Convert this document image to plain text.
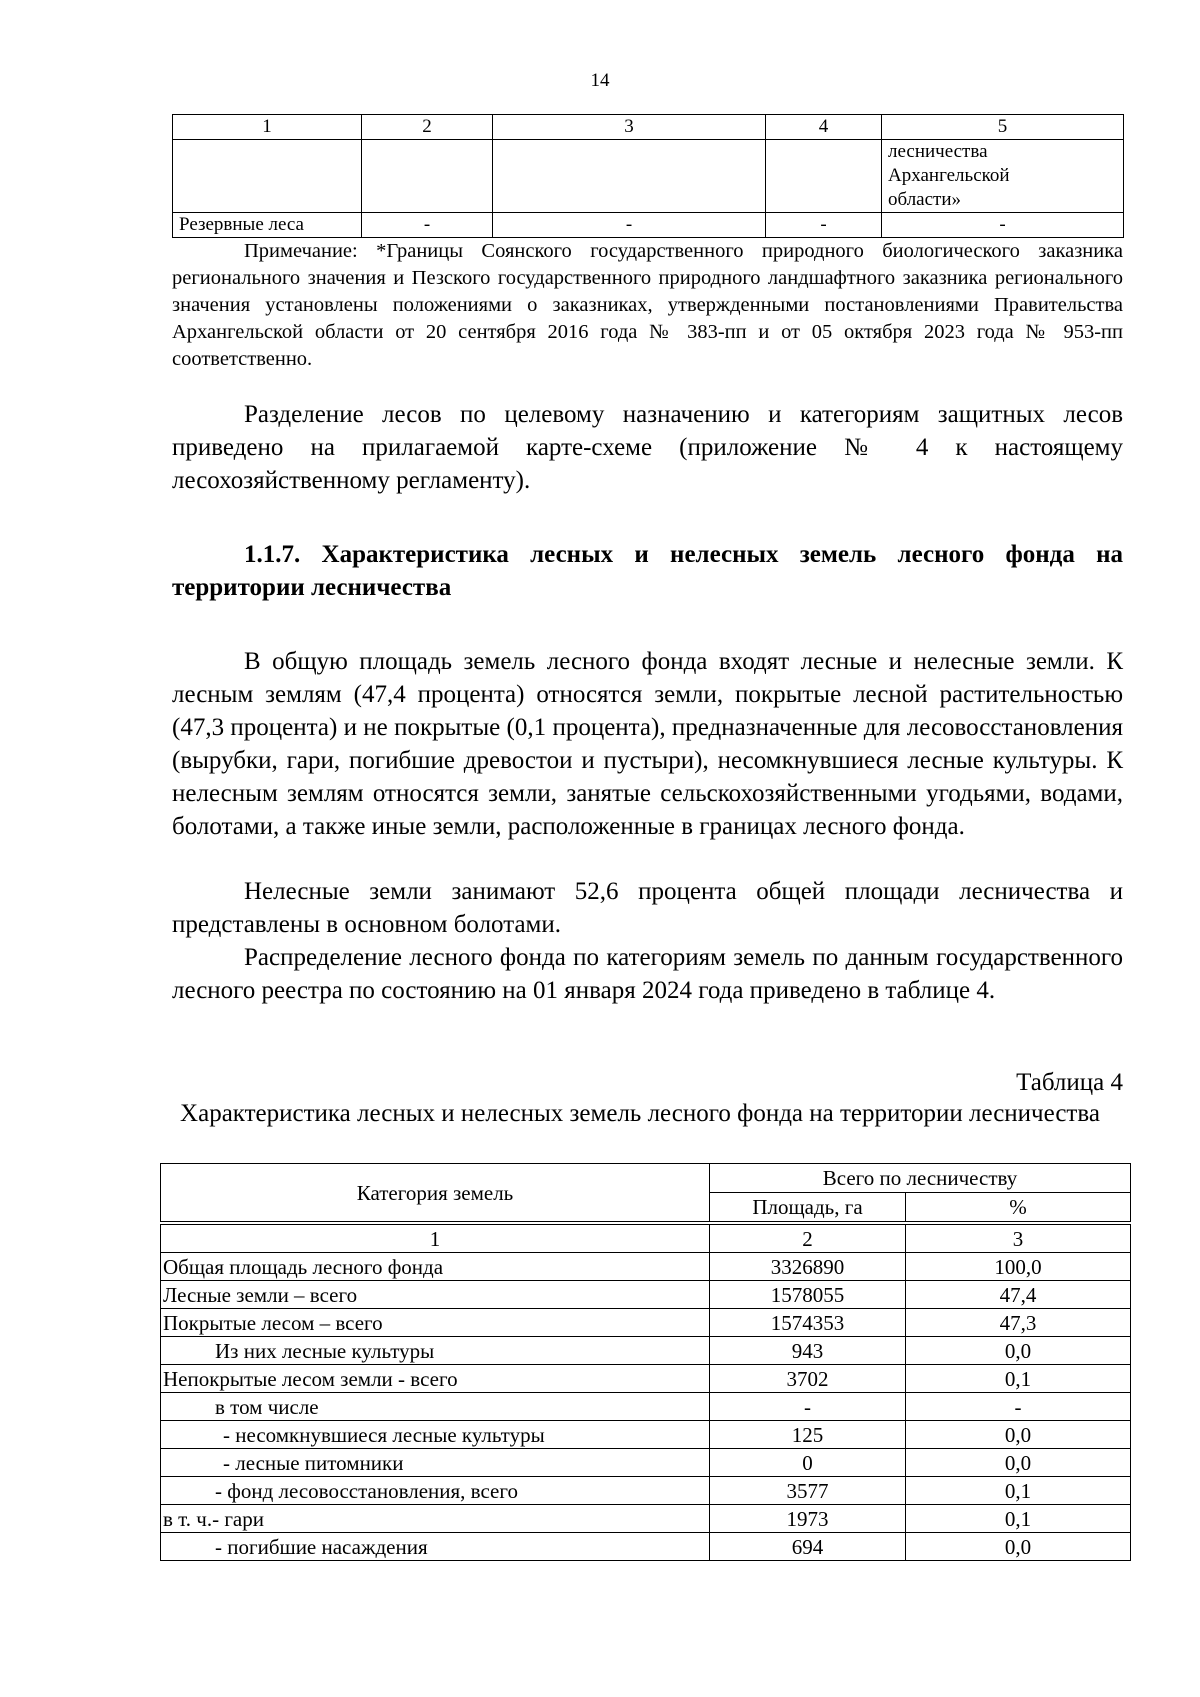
14
1	2	3	4	5
				лесничества Архангельской области»
Резервные леса	-	-	-	-
Примечание: *Границы Соянского государственного природного биологического заказника регионального значения и Пезского государственного природного ландшафтного заказника регионального значения установлены положениями о заказниках, утвержденными постановлениями Правительства Архангельской области от 20 сентября 2016 года № 383-пп и от 05 октября 2023 года № 953-пп соответственно.
Разделение лесов по целевому назначению и категориям защитных лесов приведено на прилагаемой карте-схеме (приложение № 4 к настоящему лесохозяйственному регламенту).
1.1.7. Характеристика лесных и нелесных земель лесного фонда на территории лесничества
В общую площадь земель лесного фонда входят лесные и нелесные земли. К лесным землям (47,4 процента) относятся земли, покрытые лесной растительностью (47,3 процента) и не покрытые (0,1 процента), предназначенные для лесовосстановления (вырубки, гари, погибшие древостои и пустыри), несомкнувшиеся лесные культуры. К нелесным землям относятся земли, занятые сельскохозяйственными угодьями, водами, болотами, а также иные земли, расположенные в границах лесного фонда.
Нелесные земли занимают 52,6 процента общей площади лесничества и представлены в основном болотами.
Распределение лесного фонда по категориям земель по данным государственного лесного реестра по состоянию на 01 января 2024 года приведено в таблице 4.
Таблица 4
Характеристика лесных и нелесных земель лесного фонда на территории лесничества
Категория земель	Всего по лесничеству	
	Площадь, га	%

1	2	3
Общая площадь лесного фонда	3326890	100,0
Лесные земли – всего	1578055	47,4
Покрытые лесом – всего	1574353	47,3
Из них лесные культуры	943	0,0
Непокрытые лесом земли - всего	3702	0,1
в том числе	-	-
- несомкнувшиеся лесные культуры	125	0,0
- лесные питомники	0	0,0
- фонд лесовосстановления, всего	3577	0,1
в т. ч.- гари	1973	0,1
- погибшие насаждения	694	0,0
